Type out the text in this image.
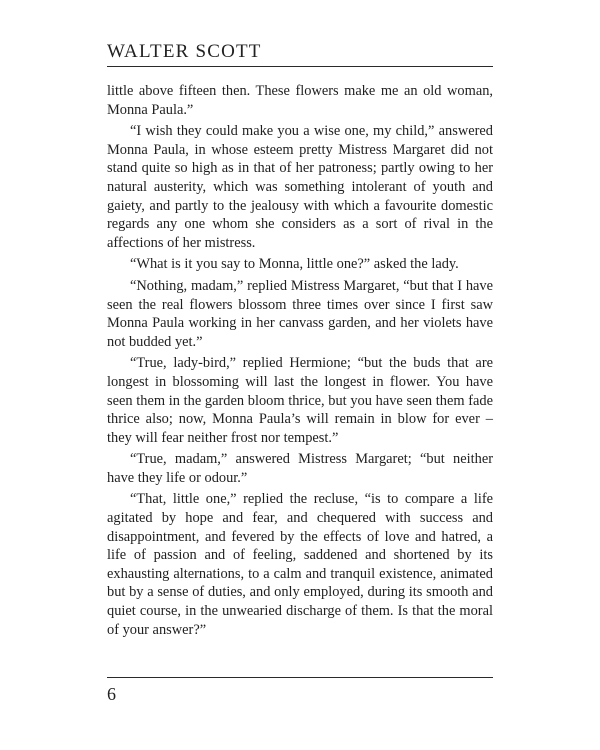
WALTER SCOTT

little above fifteen then. These flowers make me an old woman, Monna Paula.”

“I wish they could make you a wise one, my child,” answered Monna Paula, in whose esteem pretty Mistress Margaret did not stand quite so high as in that of her patroness; partly owing to her natural austerity, which was something intolerant of youth and gaiety, and partly to the jealousy with which a favourite domestic regards any one whom she considers as a sort of rival in the affections of her mistress.

“What is it you say to Monna, little one?” asked the lady.

“Nothing, madam,” replied Mistress Margaret, “but that I have seen the real flowers blossom three times over since I first saw Monna Paula working in her canvass garden, and her violets have not budded yet.”

“True, lady-bird,” replied Hermione; “but the buds that are longest in blossoming will last the longest in flower. You have seen them in the garden bloom thrice, but you have seen them fade thrice also; now, Monna Paula’s will remain in blow for ever – they will fear neither frost nor tempest.”

“True, madam,” answered Mistress Margaret; “but neither have they life or odour.”

“That, little one,” replied the recluse, “is to compare a life agitated by hope and fear, and chequered with success and disappointment, and fevered by the effects of love and hatred, a life of passion and of feeling, saddened and shortened by its exhausting alternations, to a calm and tranquil existence, animated but by a sense of duties, and only employed, during its smooth and quiet course, in the unwearied discharge of them. Is that the moral of your answer?”

6
